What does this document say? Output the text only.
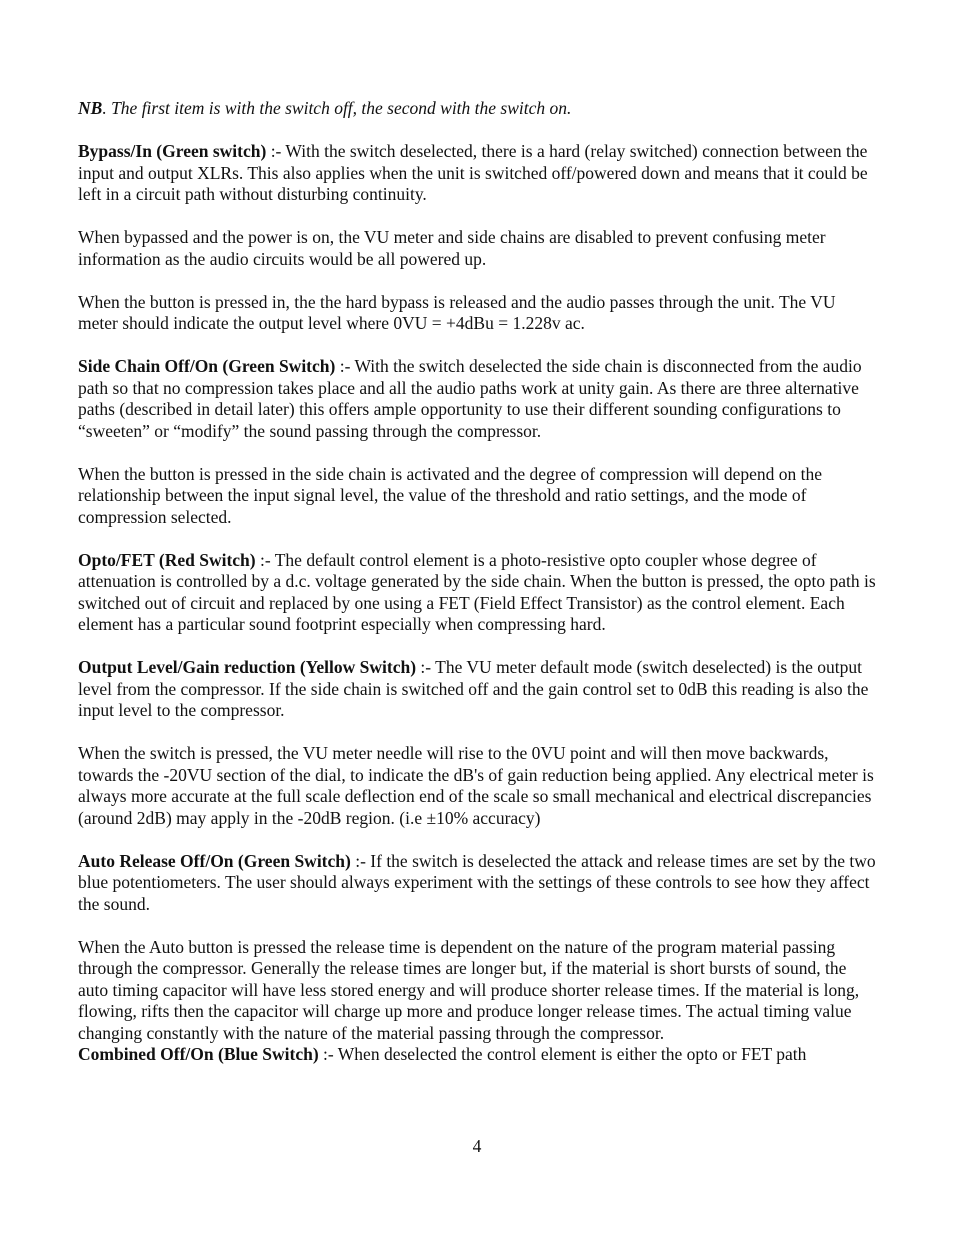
NB. The first item is with the switch off, the second with the switch on.

Bypass/In (Green switch) :- With the switch deselected, there is a hard (relay switched) connection between the input and output XLRs. This also applies when the unit is switched off/powered down and means that it could be left in a circuit path without disturbing continuity.

When bypassed and the power is on, the VU meter and side chains are disabled to prevent confusing meter information as the audio circuits would be all powered up.

When the button is pressed in, the the hard bypass is released and the audio passes through the unit. The VU meter should indicate the output level where 0VU = +4dBu = 1.228v ac.

Side Chain Off/On (Green Switch) :- With the switch deselected the side chain is disconnected from the audio path so that no compression takes place and all the audio paths work at unity gain. As there are three alternative paths (described in detail later) this offers ample opportunity to use their different sounding configurations to “sweeten” or “modify” the sound passing through the compressor.

When the button is pressed in the side chain is activated and the degree of compression will depend on the relationship between the input signal level, the value of the threshold and ratio settings, and the mode of compression selected.

Opto/FET (Red Switch) :- The default control element is a photo-resistive opto coupler whose degree of attenuation is controlled by a d.c. voltage generated by the side chain. When the button is pressed, the opto path is switched out of circuit and replaced by one using a FET (Field Effect Transistor) as the control element. Each element has a particular sound footprint especially when compressing hard.

Output Level/Gain reduction (Yellow Switch) :- The VU meter default mode (switch deselected) is the output level from the compressor. If the side chain is switched off and the gain control set to 0dB this reading is also the input level to the compressor.

When the switch is pressed, the VU meter needle will rise to the 0VU point and will then move backwards, towards the -20VU section of the dial, to indicate the dB's of gain reduction being applied. Any electrical meter is always more accurate at the full scale deflection end of the scale so small mechanical and electrical discrepancies (around 2dB) may apply in the -20dB region. (i.e ±10% accuracy)

Auto Release Off/On (Green Switch) :- If the switch is deselected the attack and release times are set by the two blue potentiometers. The user should always experiment with the settings of these controls to see how they affect the sound.

When the Auto button is pressed the release time is dependent on the nature of the program material passing through the compressor. Generally the release times are longer but, if the material is short bursts of sound, the auto timing capacitor will have less stored energy and will produce shorter release times. If the material is long, flowing, rifts then the capacitor will charge up more and produce longer release times. The actual timing value changing constantly with the nature of the material passing through the compressor.

Combined Off/On (Blue Switch) :- When deselected the control element is either the opto or FET path

4
